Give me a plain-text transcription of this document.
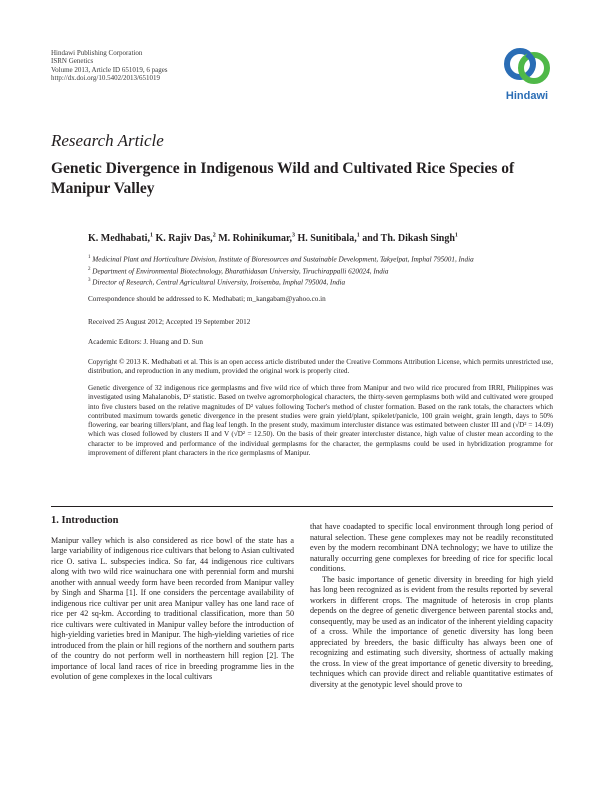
Hindawi Publishing Corporation
ISRN Genetics
Volume 2013, Article ID 651019, 6 pages
http://dx.doi.org/10.5402/2013/651019
Hindawi
Research Article
Genetic Divergence in Indigenous Wild and Cultivated Rice Species of Manipur Valley
K. Medhabati,$^1$ K. Rajiv Das,$^2$ M. Rohinikumar,$^3$ H. Sunitibala,$^1$ and Th. Dikash Singh$^1$
$^1$ Medicinal Plant and Horticulture Division, Institute of Bioresources and Sustainable Development, Takyelpat, Imphal 795001, India
$^2$ Department of Environmental Biotechnology, Bharathidasan University, Tiruchirappalli 620024, India
$^3$ Director of Research, Central Agricultural University, Iroisemba, Imphal 795004, India
Correspondence should be addressed to K. Medhabati; m_kangabam@yahoo.co.in
Received 25 August 2012; Accepted 19 September 2012
Academic Editors: J. Huang and D. Sun
Copyright © 2013 K. Medhabati et al. This is an open access article distributed under the Creative Commons Attribution License, which permits unrestricted use, distribution, and reproduction in any medium, provided the original work is properly cited.
Genetic divergence of 32 indigenous rice germplasms and five wild rice of which three from Manipur and two wild rice procured from IRRI, Philippines was investigated using Mahalanobis, D² statistic. Based on twelve agromorphological characters, the thirty-seven germplasms both wild and cultivated were grouped into five clusters based on the relative magnitudes of D² values following Tocher's method of cluster formation. Based on the rank totals, the characters which contributed maximum towards genetic divergence in the present studies were grain yield/plant, spikelet/panicle, 100 grain weight, grain length, days to 50% flowering, ear bearing tillers/plant, and flag leaf length. In the present study, maximum intercluster distance was estimated between cluster III and (√D² = 14.09) which was closed followed by clusters II and V (√D² = 12.50). On the basis of their greater intercluster distance, high value of cluster mean according to the character to be improved and performance of the individual germplasms for the character, the germplasms could be used in hybridization programme for improvement of different plant characters in the rice germplasms of Manipur.
1. Introduction

Manipur valley which is also considered as rice bowl of the state has a large variability of indigenous rice cultivars that belong to Asian cultivated rice O. sativa L. subspecies indica. So far, 44 indigenous rice cultivars along with two wild rice wainuchara one with perennial form and murshi another with annual weedy form have been recorded from Manipur valley by Singh and Sharma [1]. If one considers the percentage availability of indigenous rice cultivar per unit area Manipur valley has one land race of rice per 42 sq-km. According to traditional classification, more than 50 rice cultivars were cultivated in Manipur valley before the introduction of high-yielding varieties bred in Manipur. The high-yielding varieties of rice introduced from the plain or hill regions of the northern and southern parts of the country do not perform well in northeastern hill region [2]. The importance of local land races of rice in breeding programme lies in the evolution of gene complexes in the local cultivars

that have coadapted to specific local environment through long period of natural selection. These gene complexes may not be readily reconstituted even by the modern recombinant DNA technology; we have to utilize the naturally occurring gene complexes for breeding of rice for specific local conditions.

The basic importance of genetic diversity in breeding for high yield has long been recognized as is evident from the results reported by several workers in different crops. The magnitude of heterosis in crop plants depends on the degree of genetic divergence between parental stocks and, consequently, may be used as an indicator of the inherent yielding capacity of a cross. While the importance of genetic diversity has long been appreciated by breeders, the basic difficulty has always been one of recognizing and estimating such diversity, shortness of actually making the cross. In view of the great importance of genetic diversity to breeding, techniques which can provide direct and reliable quantitative estimates of diversity at the genotypic level should prove to
